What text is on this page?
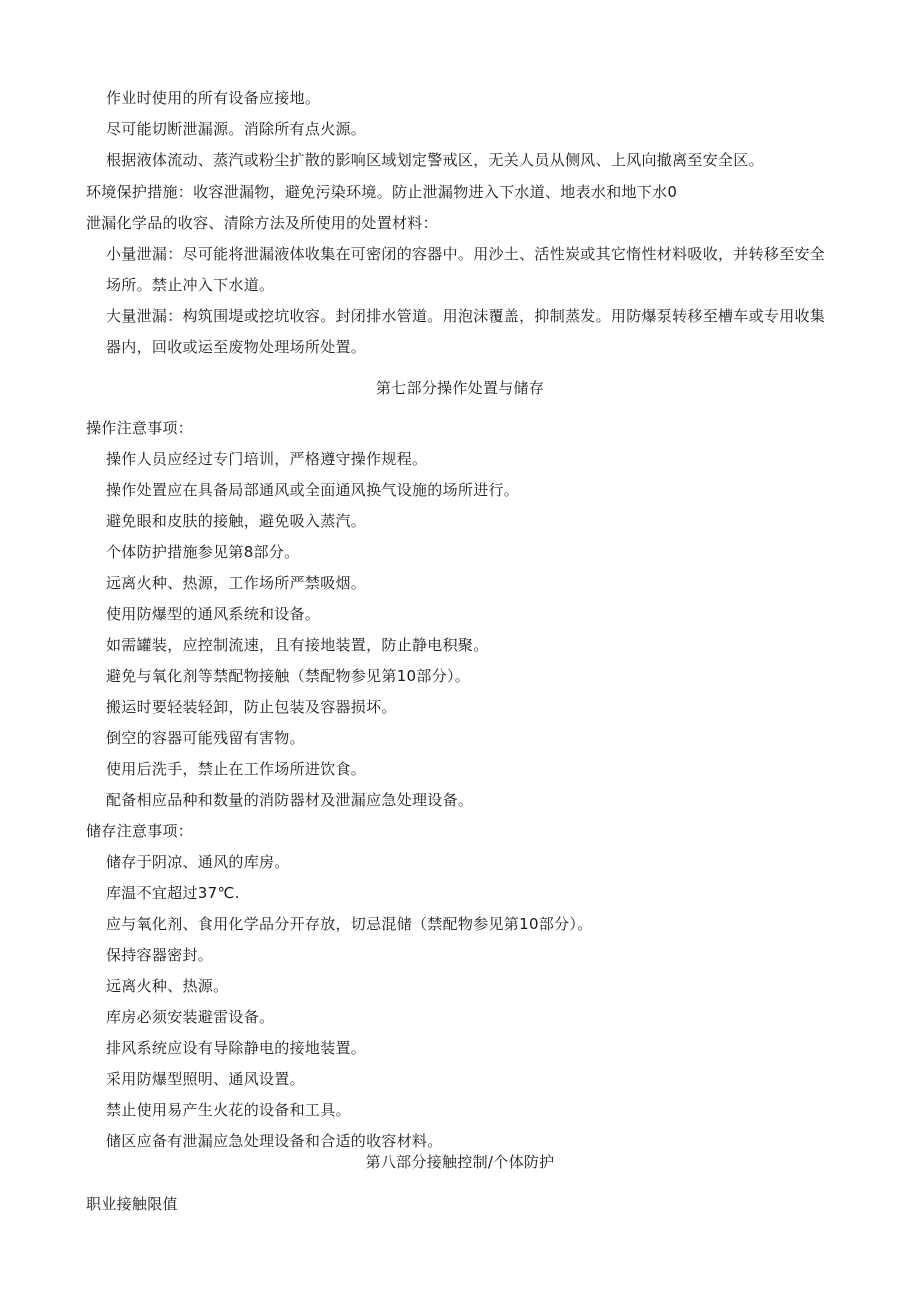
作业时使用的所有设备应接地。
尽可能切断泄漏源。消除所有点火源。
根据液体流动、蒸汽或粉尘扩散的影响区域划定警戒区，无关人员从侧风、上风向撤离至安全区。
环境保护措施：收容泄漏物，避免污染环境。防止泄漏物进入下水道、地表水和地下水0
泄漏化学品的收容、清除方法及所使用的处置材料：
小量泄漏：尽可能将泄漏液体收集在可密闭的容器中。用沙土、活性炭或其它惰性材料吸收，并转移至安全
场所。禁止冲入下水道。
大量泄漏：构筑围堤或挖坑收容。封闭排水管道。用泡沫覆盖，抑制蒸发。用防爆泵转移至槽车或专用收集
器内，回收或运至废物处理场所处置。
第七部分操作处置与储存
操作注意事项：
操作人员应经过专门培训，严格遵守操作规程。
操作处置应在具备局部通风或全面通风换气设施的场所进行。
避免眼和皮肤的接触，避免吸入蒸汽。
个体防护措施参见第8部分。
远离火种、热源，工作场所严禁吸烟。
使用防爆型的通风系统和设备。
如需罐装，应控制流速，且有接地装置，防止静电积聚。
避免与氧化剂等禁配物接触（禁配物参见第10部分）。
搬运时要轻装轻卸，防止包装及容器损坏。
倒空的容器可能残留有害物。
使用后洗手，禁止在工作场所进饮食。
配备相应品种和数量的消防器材及泄漏应急处理设备。
储存注意事项：
储存于阴凉、通风的库房。
库温不宜超过37℃.
应与氧化剂、食用化学品分开存放，切忌混储（禁配物参见第10部分）。
保持容器密封。
远离火种、热源。
库房必须安装避雷设备。
排风系统应设有导除静电的接地装置。
采用防爆型照明、通风设置。
禁止使用易产生火花的设备和工具。
储区应备有泄漏应急处理设备和合适的收容材料。
第八部分接触控制/个体防护
职业接触限值
